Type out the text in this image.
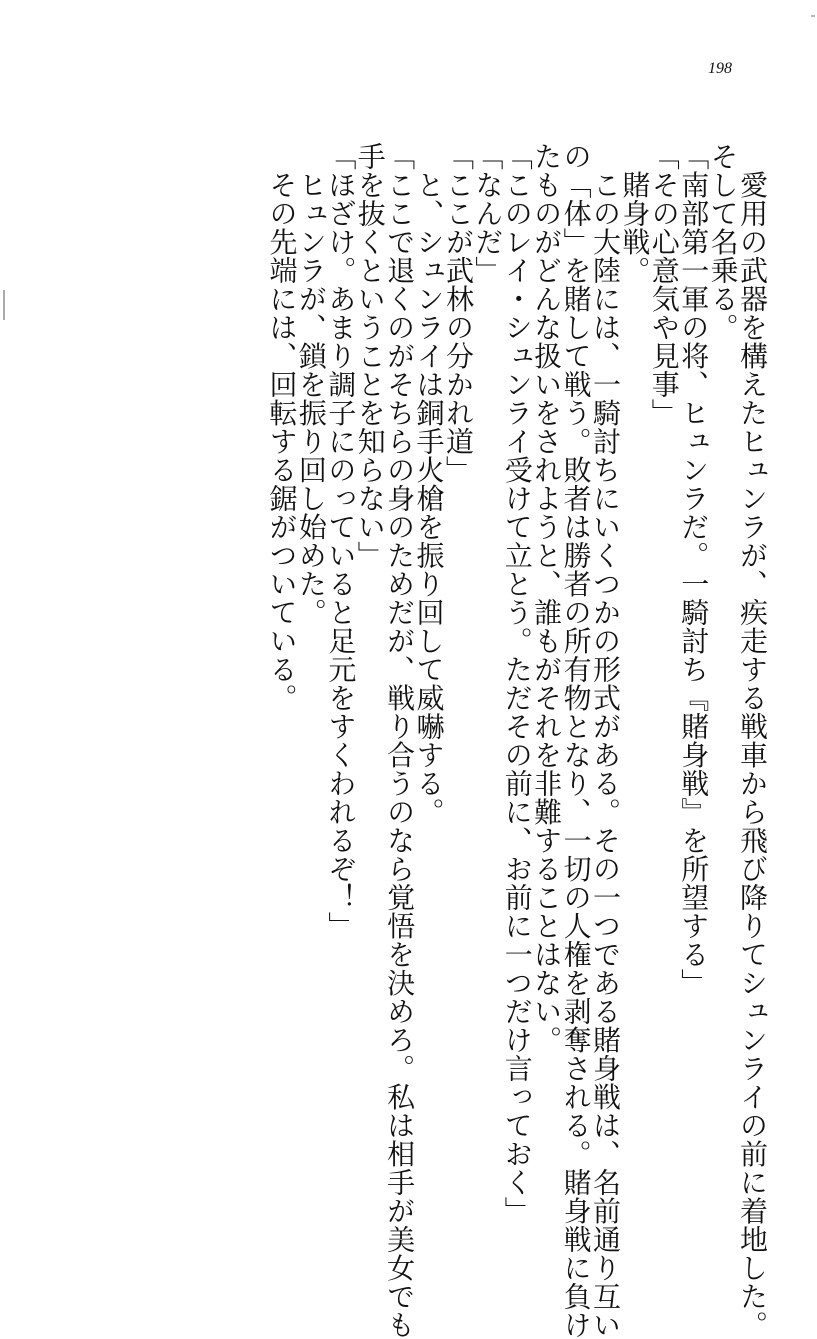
198
　愛用の武器を構えたヒュンラが、疾走する戦車から飛び降りてシュンライの前に着地した。
そして名乗る。
「南部第一軍の将、ヒュンラだ。一騎討ち『賭身戦』を所望する」
「その心意気や見事」
　賭身戦。
　この大陸には、一騎討ちにいくつかの形式がある。その一つである賭身戦は、名前通り互い
の「体」を賭して戦う。敗者は勝者の所有物となり、一切の人権を剥奪される。賭身戦に負け
たものがどんな扱いをされようと、誰もがそれを非難することはない。
「このレイ・シュンライ受けて立とう。ただその前に、お前に一つだけ言っておく」
「なんだ」
「ここが武林の分かれ道」
　と、シュンライは銅手火槍を振り回して威嚇する。
「ここで退くのがそちらの身のためだが、戦り合うのなら覚悟を決めろ。私は相手が美女でも
手を抜くということを知らない」
「ほざけ。あまり調子にのっていると足元をすくわれるぞ！」
　ヒュンラが、鎖を振り回し始めた。
　その先端には、回転する鋸がついている。
